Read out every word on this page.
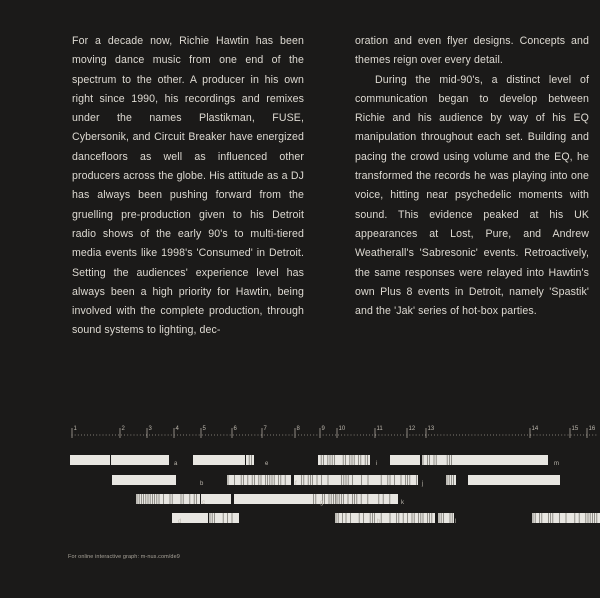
For a decade now, Richie Hawtin has been moving dance music from one end of the spectrum to the other. A producer in his own right since 1990, his recordings and remixes under the names Plastikman, FUSE, Cybersonik, and Circuit Breaker have energized dancefloors as well as influenced other producers across the globe. His attitude as a DJ has always been pushing forward from the gruelling pre-production given to his Detroit radio shows of the early 90's to multi-tiered media events like 1998's 'Consumed' in Detroit. Setting the audiences' experience level has always been a high priority for Hawtin, being involved with the complete production, through sound systems to lighting, dec-

oration and even flyer designs. Concepts and themes reign over every detail.

During the mid-90's, a distinct level of communication began to develop between Richie and his audience by way of his EQ manipulation throughout each set. Building and pacing the crowd using volume and the EQ, he transformed the records he was playing into one voice, hitting near psychedelic moments with sound. This evidence peaked at his UK appearances at Lost, Pure, and Andrew Weatherall's 'Sabresonic' events. Retroactively, the same responses were relayed into Hawtin's own Plus 8 events in Detroit, namely 'Spastik' and the 'Jak' series of hot-box parties.

1	2	3	4	5	6	7	8	9 10	11	12 13	14	15 16
a
b
c
d
e
f
g
h
i
j
k
l
m
For online interactive graph: m-nus.com/de9
